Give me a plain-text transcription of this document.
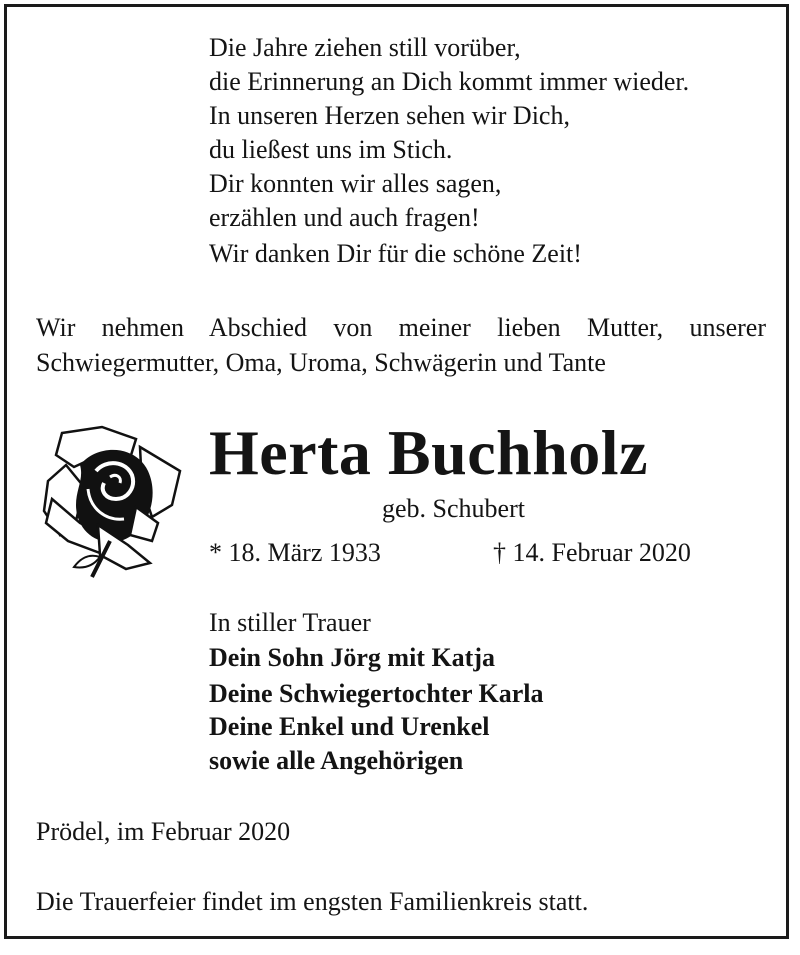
Die Jahre ziehen still vorüber,
die Erinnerung an Dich kommt immer wieder.
In unseren Herzen sehen wir Dich,
du ließest uns im Stich.
Dir konnten wir alles sagen,
erzählen und auch fragen!
Wir danken Dir für die schöne Zeit!
Wir nehmen Abschied von meiner lieben Mutter, unserer
Schwiegermutter, Oma, Uroma, Schwägerin und Tante
Herta Buchholz
geb. Schubert
* 18. März 1933	† 14. Februar 2020
In stiller Trauer
Dein Sohn Jörg mit Katja
Deine Schwiegertochter Karla
Deine Enkel und Urenkel
sowie alle Angehörigen
Prödel, im Februar 2020
Die Trauerfeier findet im engsten Familienkreis statt.
